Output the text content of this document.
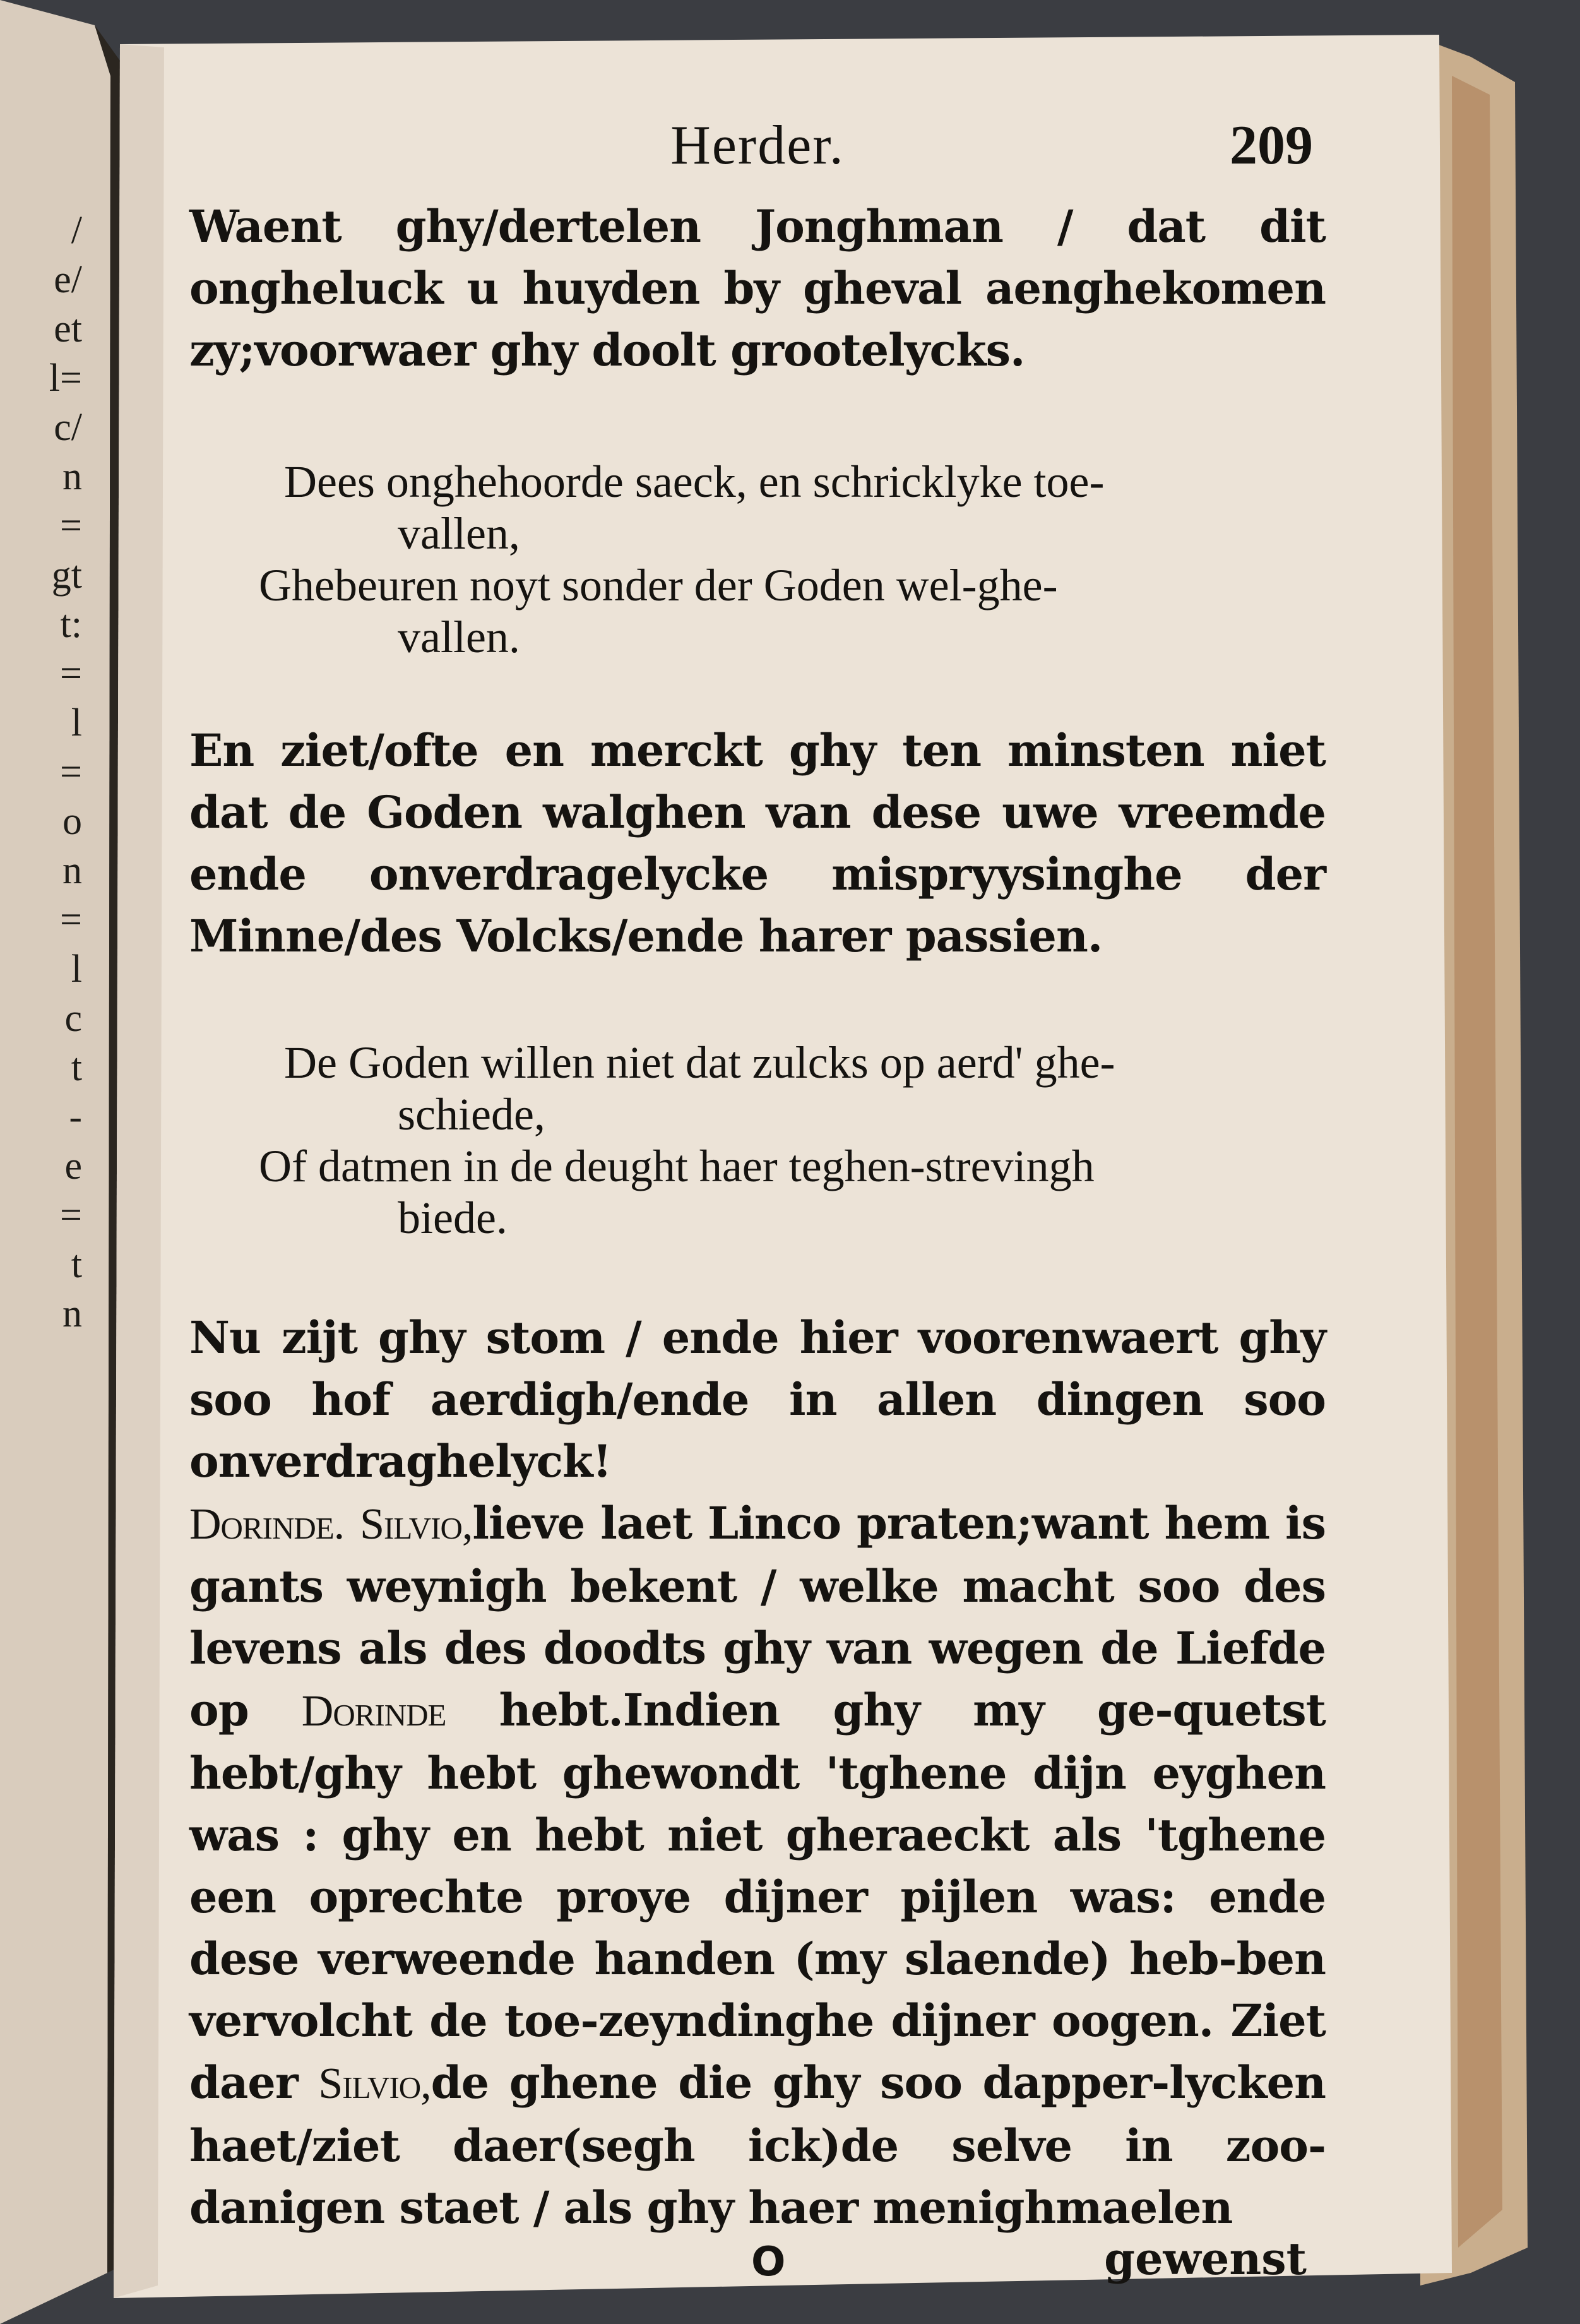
/
e/
et
l=
c/
n
=
gt
t:
=
l
=
o
n
=
l
c
t
-
e
=
t
n
Herder.	209

Waent ghy/dertelen Jonghman / dat dit ongheluck u huyden by gheval aenghekomen zy;voorwaer ghy doolt grootelycks.

Dees onghehoorde saeck, en schricklyke toe-
vallen,
Ghebeuren noyt sonder der Goden wel-ghe-
vallen.

En ziet/ofte en merckt ghy ten minsten niet dat de Goden walghen van dese uwe vreemde ende onverdragelycke mispryysinghe der Minne/des Volcks/ende harer passien.

De Goden willen niet dat zulcks op aerd' ghe-
schiede,
Of datmen in de deught haer teghen-strevingh
biede.

Nu zijt ghy stom / ende hier voorenwaert ghy soo hof aerdigh/ende in allen dingen soo onverdraghelyck!

Dorinde. Silvio,lieve laet Linco praten;want hem is gants weynigh bekent / welke macht soo des levens als des doodts ghy van wegen de Liefde op Dorinde hebt.Indien ghy my ge-quetst hebt/ghy hebt ghewondt 'tghene dijn eyghen was : ghy en hebt niet gheraeckt als 'tghene een oprechte proye dijner pijlen was: ende dese verweende handen (my slaende) heb-ben vervolcht de toe-zeyndinghe dijner oogen. Ziet daer Silvio,de ghene die ghy soo dapper-lycken haet/ziet daer(segh ick)de selve in zoo-danigen staet / als ghy haer menighmaelen

O	gewenst
